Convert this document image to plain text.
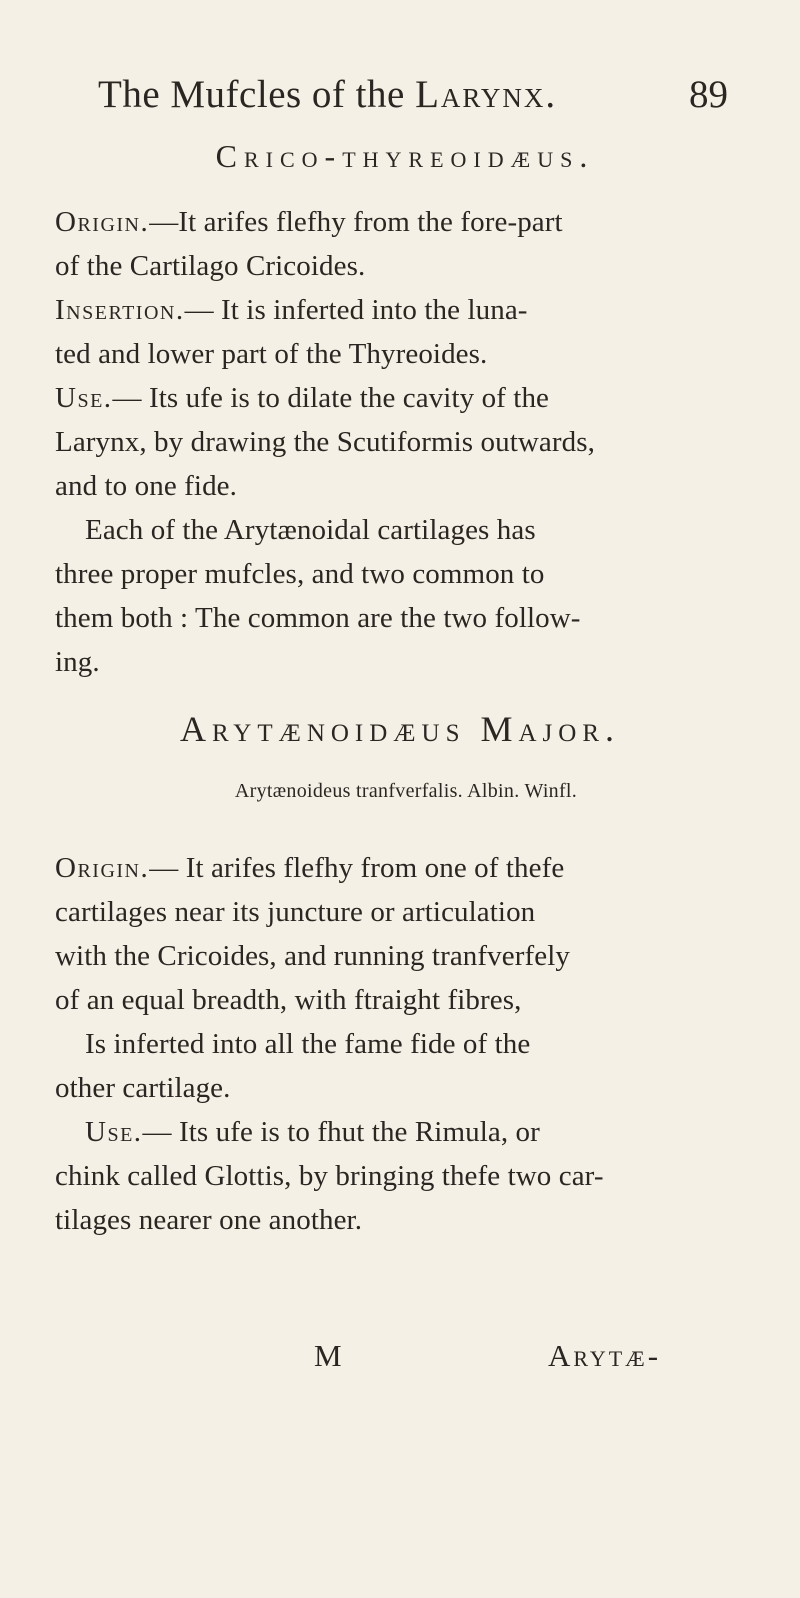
The Mufcles of the Larynx.	89
Crico-thyreoidæus.
Origin.—It arifes flefhy from the fore-part
of the Cartilago Cricoides.
Insertion.— It is inferted into the luna-
ted and lower part of the Thyreoides.
Use.— Its ufe is to dilate the cavity of the
Larynx, by drawing the Scutiformis outwards,
and to one fide.
Each of the Arytænoidal cartilages has
three proper mufcles, and two common to
them both : The common are the two follow-
ing.
Arytænoidæus Major.
Arytænoideus tranfverfalis. Albin. Winfl.
Origin.— It arifes flefhy from one of thefe
cartilages near its juncture or articulation
with the Cricoides, and running tranfverfely
of an equal breadth, with ftraight fibres,
Is inferted into all the fame fide of the
other cartilage.
Use.— Its ufe is to fhut the Rimula, or
chink called Glottis, by bringing thefe two car-
tilages nearer one another.
M	Arytæ-
